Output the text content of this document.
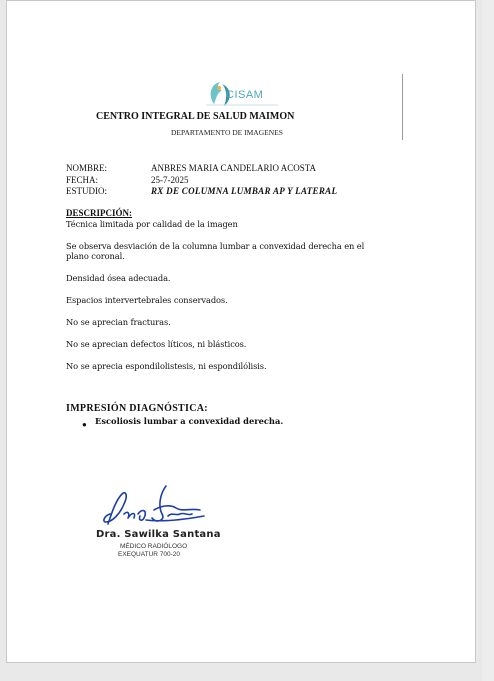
CISAM
CENTRO INTEGRAL DE SALUD MAIMON
DEPARTAMENTO DE IMAGENES
NOMBRE:	ANBRES MARIA CANDELARIO ACOSTA
FECHA:	25-7-2025
ESTUDIO:	RX DE COLUMNA LUMBAR AP Y LATERAL
DESCRIPCIÓN:
Técnica limitada por calidad de la imagen
Se observa desviación de la columna lumbar a convexidad derecha en el
plano coronal.
Densidad ósea adecuada.
Espacios intervertebrales conservados.
No se aprecian fracturas.
No se aprecian defectos líticos, ni blásticos.
No se aprecia espondilolistesis, ni espondilólisis.
IMPRESIÓN DIAGNÓSTICA:
● Escoliosis lumbar a convexidad derecha.
Dra. Sawilka Santana
MÉDICO RADIÓLOGO
EXEQUATUR 700-20
